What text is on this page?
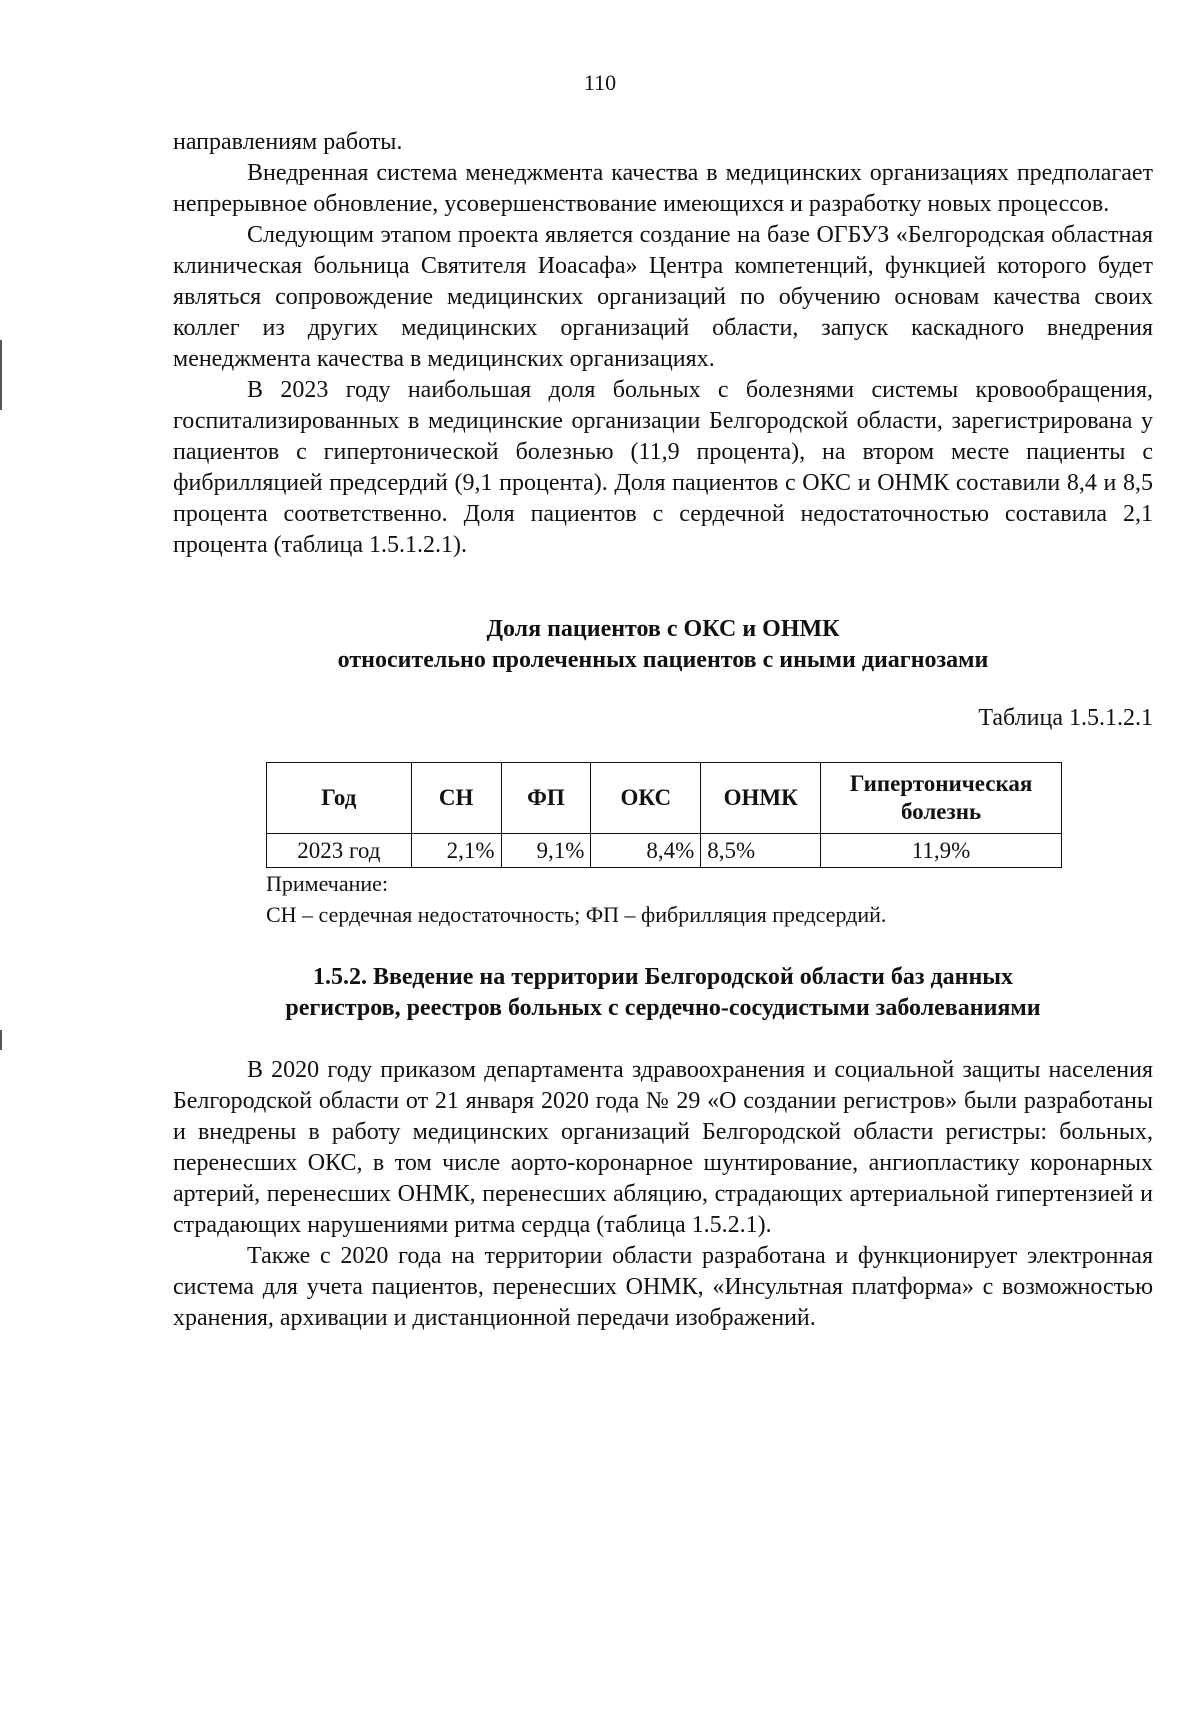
110

направлениям работы.

Внедренная система менеджмента качества в медицинских организациях предполагает непрерывное обновление, усовершенствование имеющихся и разработку новых процессов.

Следующим этапом проекта является создание на базе ОГБУЗ «Белгородская областная клиническая больница Святителя Иоасафа» Центра компетенций, функцией которого будет являться сопровождение медицинских организаций по обучению основам качества своих коллег из других медицинских организаций области, запуск каскадного внедрения менеджмента качества в медицинских организациях.

В 2023 году наибольшая доля больных с болезнями системы кровообращения, госпитализированных в медицинские организации Белгородской области, зарегистрирована у пациентов с гипертонической болезнью (11,9 процента), на втором месте пациенты с фибрилляцией предсердий (9,1 процента). Доля пациентов с ОКС и ОНМК составили 8,4 и 8,5 процента соответственно. Доля пациентов с сердечной недостаточностью составила 2,1 процента (таблица 1.5.1.2.1).

Доля пациентов с ОКС и ОНМК
относительно пролеченных пациентов с иными диагнозами
Таблица 1.5.1.2.1
Год	СН	ФП	ОКС	ОНМК	Гипертоническая болезнь
2023 год	2,1%	9,1%	8,4%	8,5%	11,9%
Примечание:
СН – сердечная недостаточность; ФП – фибрилляция предсердий.
1.5.2. Введение на территории Белгородской области баз данных
регистров, реестров больных с сердечно-сосудистыми заболеваниями

В 2020 году приказом департамента здравоохранения и социальной защиты населения Белгородской области от 21 января 2020 года № 29 «О создании регистров» были разработаны и внедрены в работу медицинских организаций Белгородской области регистры: больных, перенесших ОКС, в том числе аорто-коронарное шунтирование, ангиопластику коронарных артерий, перенесших ОНМК, перенесших абляцию, страдающих артериальной гипертензией и страдающих нарушениями ритма сердца (таблица 1.5.2.1).

Также с 2020 года на территории области разработана и функционирует электронная система для учета пациентов, перенесших ОНМК, «Инсультная платформа» с возможностью хранения, архивации и дистанционной передачи изображений.
